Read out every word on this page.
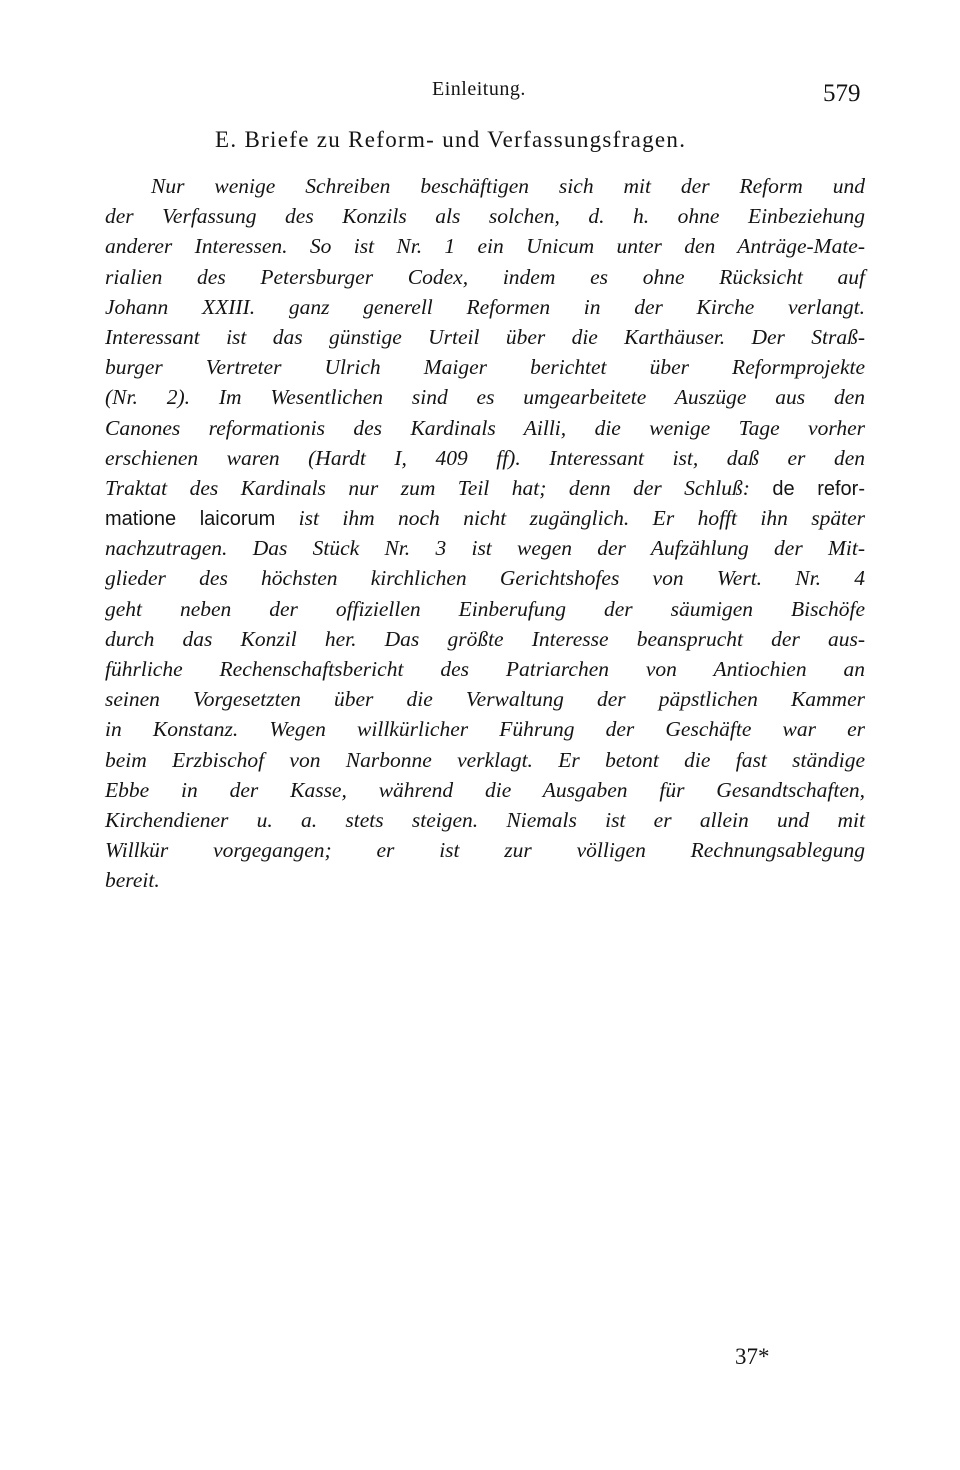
Einleitung.	579
E. Briefe zu Reform- und Verfassungsfragen.
Nur wenige Schreiben beschäftigen sich mit der Reform und
der Verfassung des Konzils als solchen, d. h. ohne Einbeziehung
anderer Interessen. So ist Nr. 1 ein Unicum unter den Anträge-Mate-
rialien des Petersburger Codex, indem es ohne Rücksicht auf
Johann XXIII. ganz generell Reformen in der Kirche verlangt.
Interessant ist das günstige Urteil über die Karthäuser. Der Straß-
burger Vertreter Ulrich Maiger berichtet über Reformprojekte
(Nr. 2). Im Wesentlichen sind es umgearbeitete Auszüge aus den
Canones reformationis des Kardinals Ailli, die wenige Tage vorher
erschienen waren (Hardt I, 409 ff). Interessant ist, daß er den
Traktat des Kardinals nur zum Teil hat; denn der Schluß: de refor-
mationе laicorum ist ihm noch nicht zugänglich. Er hofft ihn später
nachzutragen. Das Stück Nr. 3 ist wegen der Aufzählung der Mit-
glieder des höchsten kirchlichen Gerichtshofes von Wert. Nr. 4
geht neben der offiziellen Einberufung der säumigen Bischöfe
durch das Konzil her. Das größte Interesse beansprucht der aus-
führliche Rechenschaftsbericht des Patriarchen von Antiochien an
seinen Vorgesetzten über die Verwaltung der päpstlichen Kammer
in Konstanz. Wegen willkürlicher Führung der Geschäfte war er
beim Erzbischof von Narbonne verklagt. Er betont die fast ständige
Ebbe in der Kasse, während die Ausgaben für Gesandtschaften,
Kirchendiener u. a. stets steigen. Niemals ist er allein und mit
Willkür vorgegangen; er ist zur völligen Rechnungsablegung
bereit.
37*
